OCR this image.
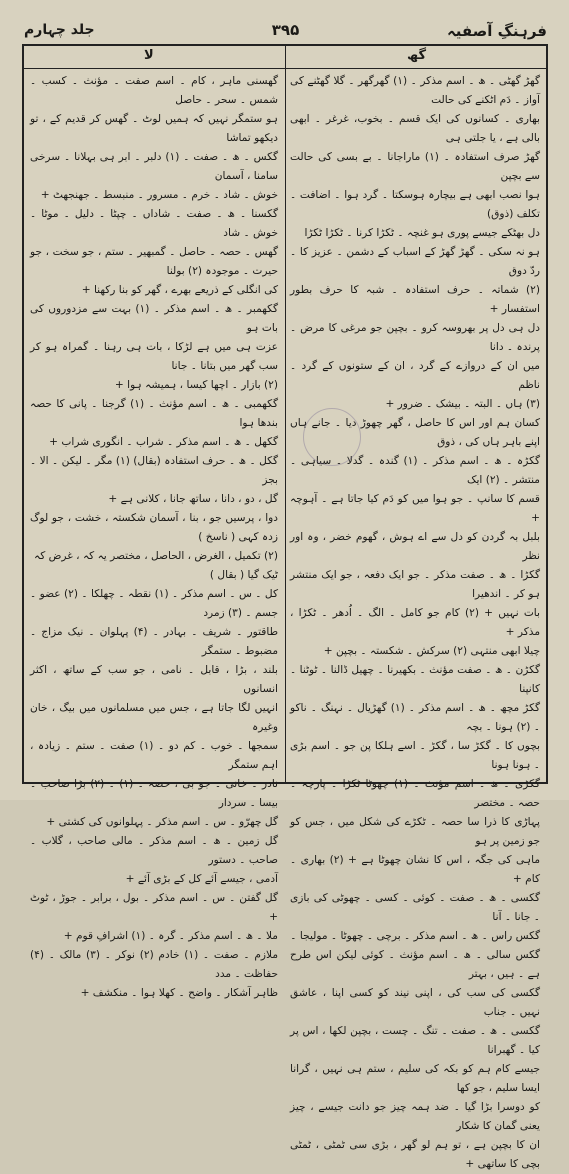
فرہنگِ آصفیہ
۳۹۵
جلد چہارم
گھ
لا

گھڑ گھٹی ۔ ھ ۔ اسم مذکر ۔ (۱) گھرگھر ۔ گلا گھٹنے کی آواز ۔ دَم اٹکنے کی حالت

بھاری ۔ کسانوں کی ایک قسم ۔ بخوب، غرغر ۔ ابھی بالی ہے ، یا جلتی ہی

گھڑ صرف استفادہ ۔ (۱) ماراجانا ۔ بے بسی کی حالت سے بچپن

ہوا نصب ابھی ہے بیچارہ ہوسکتا ۔ گرد ہوا ۔ اضافت ۔ تکلف (ذوق)

دل بھٹکے جیسے پوری ہو غنچہ ۔ ٹکڑا کرنا ۔ ٹکڑا ٹکڑا

ہو نہ سکی ۔ گھڑ گھڑ کے اسباب کے دشمن ۔ عزیز کا ۔ ردّ دوق

(۲) شماتہ ۔ حرف استفادہ ۔ شبہ کا حرف بطور استفسار +

دل ہی دل پر بھروسہ کرو ۔ بچپن جو مرغی کا مرض ۔ پرندہ ۔ دانا

میں ان کے دروازے کے گرد ، ان کے ستونوں کے گرد ۔ ناظم

(۳) ہاں ۔ البتہ ۔ بیشک ۔ ضرور +

کسان ہم اور اس کا حاصل ، گھر چھوڑ دیا ۔ جانے ہاں اپنے باہر ہاں کی ، ذوق

گکڑہ ۔ ھ ۔ اسم مذکر ۔ (۱) گندہ ۔ گدلا ۔ سیاہی ۔ منتشر ۔ (۲) ایک

قسم کا سانپ ۔ جو ہوا میں کو دَم کیا جاتا ہے ۔ آہوچہ +

بلبل بہ گردن کو دل سے اے ہوش ، گھوم خضر ، وہ اور نظر

گکڑا ۔ ھ ۔ صفت مذکر ۔ جو ایک دفعہ ، جو ایک منتشر ہو کر ۔ اندھیرا

بات نہیں + (۲) کام جو کامل ۔ الگ ۔ اُدھر ۔ ٹکڑا ، مذکر +

چیلا ابھی منتہی (۲) سرکش ۔ شکستہ ۔ بچپن +

گکڑن ۔ ھ ۔ صفت مؤنث ۔ بکھیرنا ۔ چھیل ڈالنا ۔ ٹوٹنا ۔ کانپنا

گکڑ مچھ ۔ ھ ۔ اسم مذکر ۔ (۱) گھڑیال ۔ نہنگ ۔ ناکو ۔ (۲) ہونا ۔ بچہ

بچوں کا ۔ گکڑ سا ، گکڑ ۔ اسے ہلکا پن جو ۔ اسم بڑی ۔ ہونا ہونا

گکڑی ۔ ھ ۔ اسم مؤنث ۔ (۱) چھوٹا ٹکڑا ۔ پارچہ ۔ حصہ ۔ مختصر

پہاڑی کا ذرا سا حصہ ۔ ٹکڑے کی شکل میں ، جس کو جو زمین پر ہو

ماہی کی جگہ ، اس کا نشان چھوٹا ہے + (۲) بھاری ۔ کام +

گکسی ۔ ھ ۔ صفت ۔ کوئی ۔ کسی ۔ چھوٹی کی بازی ۔ جانا ۔ آنا

گکس راس ۔ ھ ۔ اسم مذکر ۔ برچی ۔ چھوٹا ۔ مولیجا ۔

گکس سالی ۔ ھ ۔ اسم مؤنث ۔ کوئی لیکن اس طرح ہے ۔ ہیں ، بہتر

گکسی کی سب کی ، اپنی نیند کو کسی اپنا ، عاشق نہیں ۔ جناب

گکسی ۔ ھ ۔ صفت ۔ تنگ ۔ چست ، بچپن لکھا ، اس پر کیا ۔ گھبرانا

جیسے کام ہم کو بکہ کی سلیم ، ستم ہی نہیں ، گرانا ایسا سلیم ، جو کھا

کو دوسرا بڑا گیا ۔ ضد ہمہ چیز جو دانت جیسے ، چیز یعنی گمان کا شکار

ان کا بچپن ہے ، تو ہم لو گھر ، بڑی سی ٹمٹی ، ٹمٹی بچی کا ساتھی +

گھسنی ماہر ، کام ۔ اسم صفت ۔ مؤنث ۔ کسب ۔ شمس ۔ سحر ۔ حاصل

ہو ستمگر نہیں کہ ہمیں لوٹ ۔ گھس کر قدیم کے ، تو دیکھو تماشا

گکس ۔ ھ ۔ صفت ۔ (۱) دلبر ۔ ابر ہی بہلانا ۔ سرخی سامنا ، آسمان

خوش ۔ شاد ۔ خرم ۔ مسرور ۔ منبسط ۔ جھنجھٹ +

گکسنا ۔ ھ ۔ صفت ۔ شاداں ۔ چپٹا ۔ دلیل ۔ موٹا ۔ خوش ۔ شاد

گھس ۔ حصہ ۔ حاصل ۔ گمبھیر ۔ ستم ، جو سخت ، جو حیرت ۔ موجودہ (۲) بولنا

کی انگلی کے ذریعے بھرے ، گھر کو بنا رکھنا +

گکھمبر ۔ ھ ۔ اسم مذکر ۔ (۱) بہت سے مزدوروں کی بات ہو

عزت ہی میں ہے لڑکا ، بات ہی رہنا ۔ گمراہ ہو کر سب گھر میں بتانا ۔ جانا

(۲) بازار ۔ اچھا کیسا ، ہمیشہ ہوا +

گکھمبی ۔ ھ ۔ اسم مؤنث ۔ (۱) گرجنا ۔ پانی کا حصہ بندھا ہوا

گکھل ۔ ھ ۔ اسم مذکر ۔ شراب ۔ انگوری شراب +

گکل ۔ ھ ۔ حرف استفادہ (بقال) (۱) مگر ۔ لیکن ۔ الا ۔ بجز

گل ، دو ، دانا ، ساتھ جانا ، کلانی ہے +

دوا ، پرسیں جو ، بنا ، آسمان شکستہ ، خشت ، جو لوگ زدہ کہی ( ناسخ )

(۲) تکمیل ، الغرض ، الحاصل ، مختصر یہ کہ ، غرض کہ

ٹیک گیا ( بقال )

کل ۔ س ۔ اسم مذکر ۔ (۱) نقطہ ۔ چھلکا ۔ (۲) عضو ۔ جسم ۔ (۳) زمرد

طاقتور ۔ شریف ۔ بہادر ۔ (۴) پہلوان ۔ نیک مزاج ۔ مضبوط ۔ ستمگر

بلند ، بڑا ، قابل ۔ نامی ، جو سب کے ساتھ ، اکثر انسانوں

انہیں لگا جاتا ہے ، جس میں مسلمانوں میں بیگ ، خان وغیرہ

سمجھا ۔ خوب ۔ کم دو ۔ (۱) صفت ۔ ستم ۔ زیادہ ، اہم ستمگر

نادر ۔ خانی ۔ جو بی ، حصہ ۔ (۱) ۔ (۲) بڑا صاحب ۔ بیسا ۔ سردار

گل چھرّو ۔ س ۔ اسم مذکر ۔ پہلوانوں کی کشتی +

گل زمین ۔ ھ ۔ اسم مذکر ۔ مالی صاحب ، گلاب ۔ صاحب ۔ دستور

آدمی ، جیسے آئے کل کے بڑی آئے +

گل گفتن ۔ س ۔ اسم مذکر ۔ بول ، برابر ۔ جوڑ ، ٹوٹ +

ملا ۔ ھ ۔ اسم مذکر ۔ گرہ ۔ (۱) اشرافِ قوم +

ملازم ۔ صفت ۔ (۱) خادم (۲) نوکر ۔ (۳) مالک ۔ (۴) حفاظت ۔ مدد

ظاہر آشکار ۔ واضح ۔ کھلا ہوا ۔ منکشف +
